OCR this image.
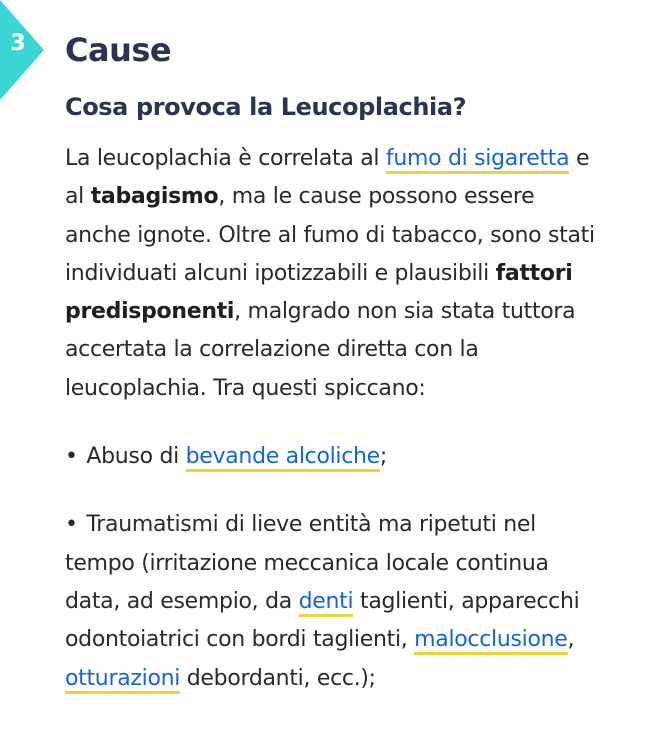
3	Cause
Cosa provoca la Leucoplachia?

La leucoplachia è correlata al fumo di sigaretta e al tabagismo, ma le cause possono essere anche ignote. Oltre al fumo di tabacco, sono stati individuati alcuni ipotizzabili e plausibili fattori predisponenti, malgrado non sia stata tuttora accertata la correlazione diretta con la leucoplachia. Tra questi spiccano:

• Abuso di bevande alcoliche;

• Traumatismi di lieve entità ma ripetuti nel tempo (irritazione meccanica locale continua data, ad esempio, da denti taglienti, apparecchi odontoiatrici con bordi taglienti, malocclusione, otturazioni debordanti, ecc.);
